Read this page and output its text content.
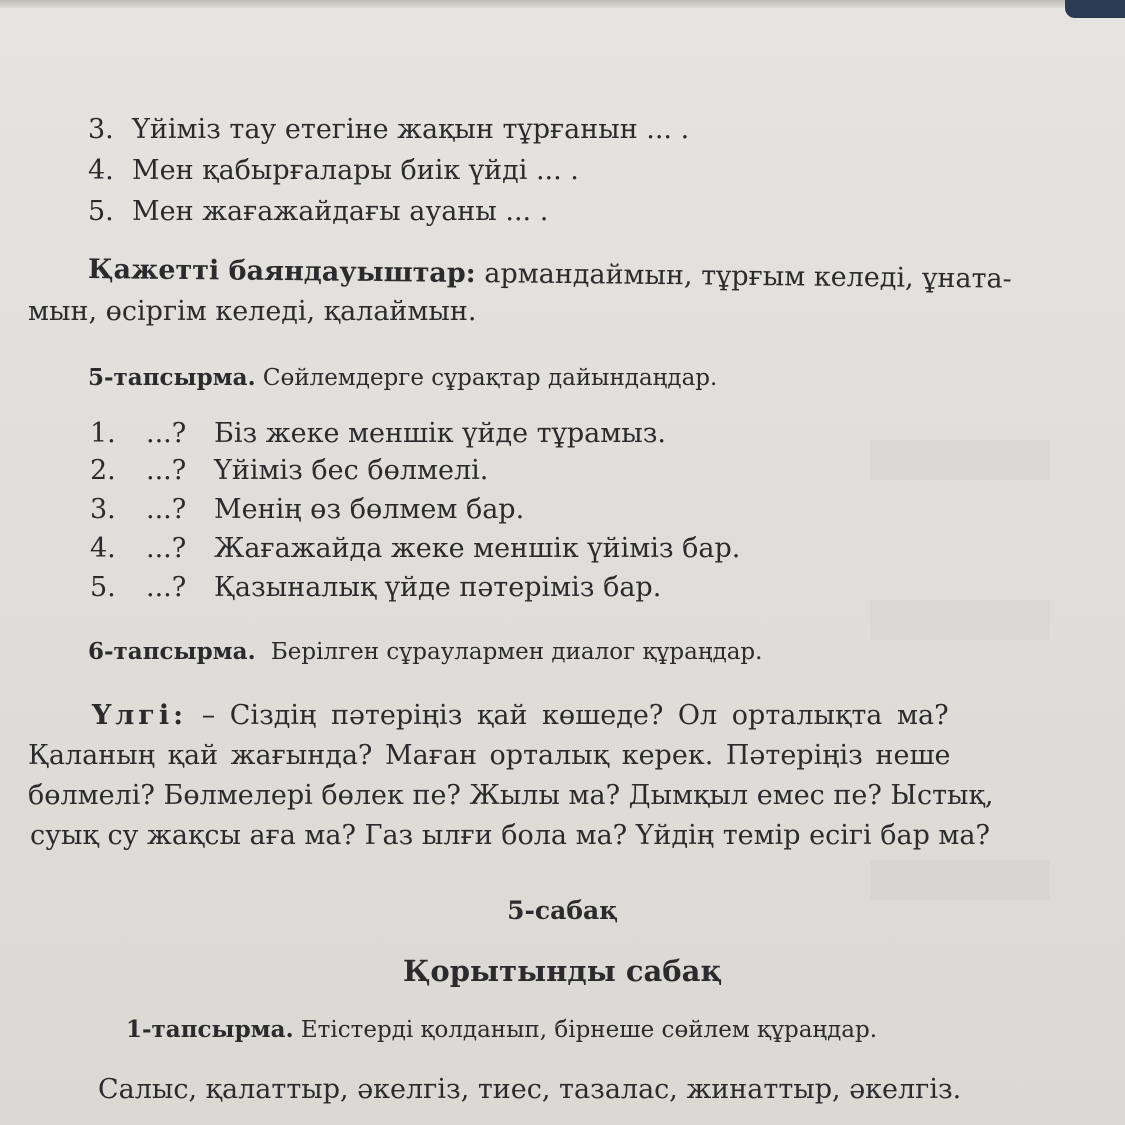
3. Үйіміз тау етегіне жақын тұрғанын ... .
4. Мен қабырғалары биік үйді ... .
5. Мен жағажайдағы ауаны ... .
Қажетті баяндауыштар: армандаймын, тұрғым келеді, ұната-
мын, өсіргім келеді, қалаймын.
5-тапсырма. Сөйлемдерге сұрақтар дайындаңдар.
1. ...? Біз жеке меншік үйде тұрамыз.
2. ...? Үйіміз бес бөлмелі.
3. ...? Менің өз бөлмем бар.
4. ...? Жағажайда жеке меншік үйіміз бар.
5. ...? Қазыналық үйде пәтеріміз бар.
6-тапсырма. Берілген сұраулармен диалог құраңдар.
Үлгі: – Сіздің пәтеріңіз қай көшеде? Ол орталықта ма?
Қаланың қай жағында? Маған орталық керек. Пәтеріңіз неше
бөлмелі? Бөлмелері бөлек пе? Жылы ма? Дымқыл емес пе? Ыстық,
суық су жақсы аға ма? Газ ылғи бола ма? Үйдің темір есігі бар ма?
5-сабақ
Қорытынды сабақ
1-тапсырма. Етістерді қолданып, бірнеше сөйлем құраңдар.
Салыс, қалаттыр, әкелгіз, тиес, тазалас, жинаттыр, әкелгіз.
